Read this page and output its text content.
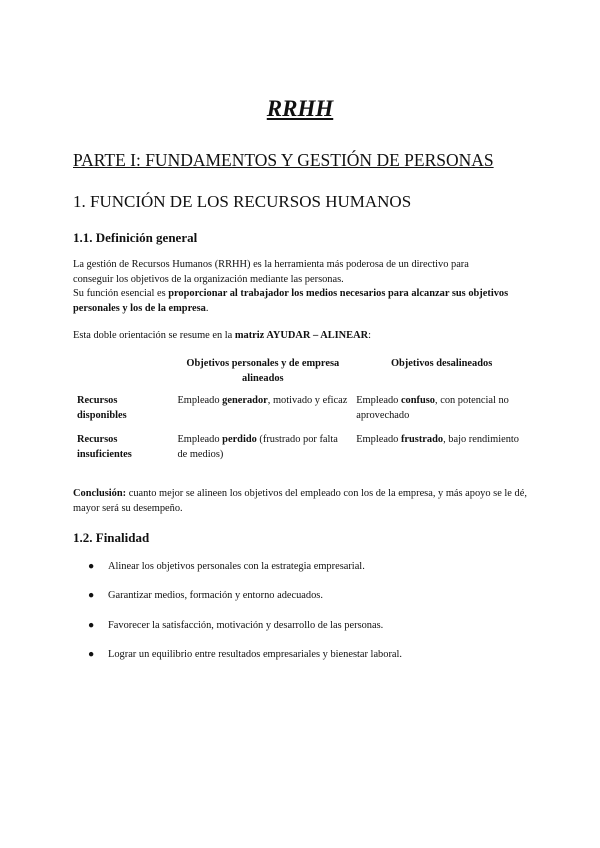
RRHH
PARTE I: FUNDAMENTOS Y GESTIÓN DE PERSONAS
1. FUNCIÓN DE LOS RECURSOS HUMANOS
1.1. Definición general

La gestión de Recursos Humanos (RRHH) es la herramienta más poderosa de un directivo para
conseguir los objetivos de la organización mediante las personas.
Su función esencial es proporcionar al trabajador los medios necesarios para alcanzar sus objetivos personales y los de la empresa.

Esta doble orientación se resume en la matriz AYUDAR – ALINEAR:

	Objetivos personales y de empresa alineados	Objetivos desalineados
Recursos disponibles	Empleado generador, motivado y eficaz	Empleado confuso, con potencial no aprovechado
Recursos insuficientes	Empleado perdido (frustrado por falta de medios)	Empleado frustrado, bajo rendimiento

Conclusión: cuanto mejor se alineen los objetivos del empleado con los de la empresa, y más apoyo se le dé, mayor será su desempeño.

1.2. Finalidad
● Alinear los objetivos personales con la estrategia empresarial.
● Garantizar medios, formación y entorno adecuados.
● Favorecer la satisfacción, motivación y desarrollo de las personas.
● Lograr un equilibrio entre resultados empresariales y bienestar laboral.
